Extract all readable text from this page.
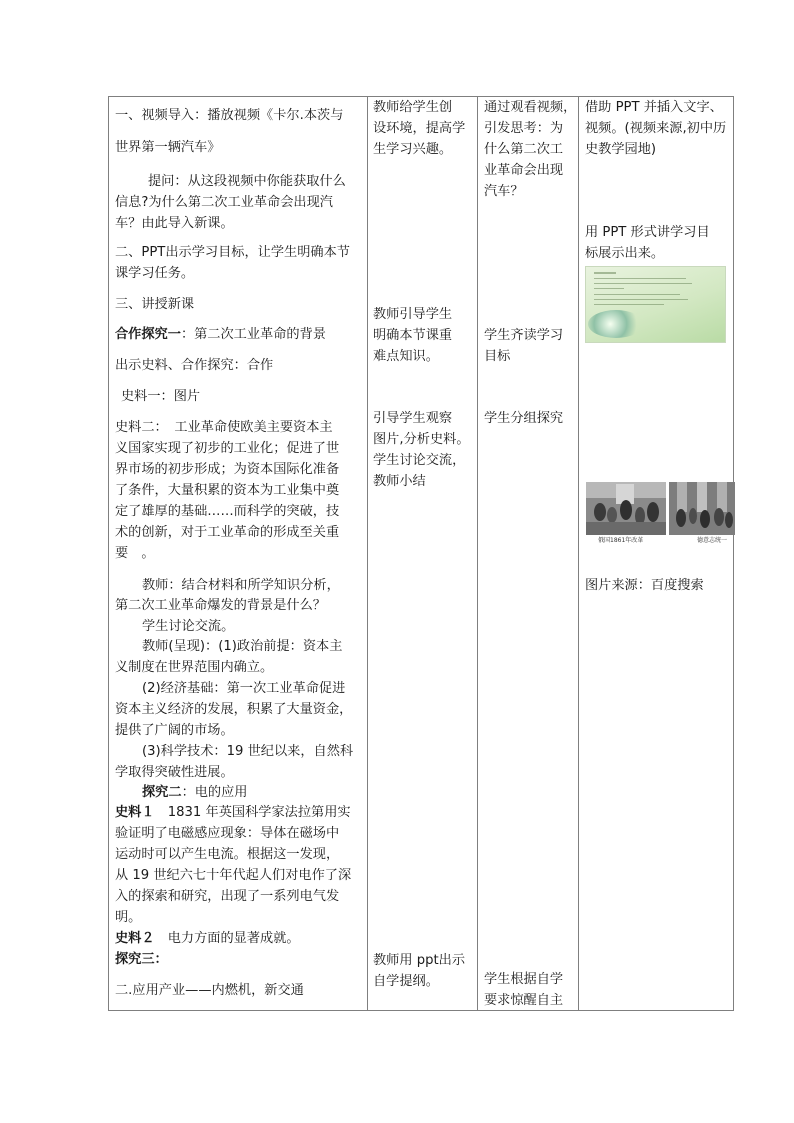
一、视频导入：播放视频《卡尔.本茨与
世界第一辆汽车》
提问：从这段视频中你能获取什么
信息?为什么第二次工业革命会出现汽
车？由此导入新课。
二、PPT出示学习目标，让学生明确本节
课学习任务。
三、讲授新课
合作探究一：第二次工业革命的背景
出示史料、合作探究：合作
史料一：图片
史料二：　工业革命使欧美主要资本主
义国家实现了初步的工业化；促进了世
界市场的初步形成；为资本国际化准备
了条件，大量积累的资本为工业集中奠
定了雄厚的基础……而科学的突破，技
术的创新，对于工业革命的形成至关重
要　。
教师：结合材料和所学知识分析，
第二次工业革命爆发的背景是什么？
学生讨论交流。
教师(呈现)：(1)政治前提：资本主
义制度在世界范围内确立。
(2)经济基础：第一次工业革命促进
资本主义经济的发展，积累了大量资金，
提供了广阔的市场。
(3)科学技术：19 世纪以来，自然科
学取得突破性进展。
探究二：电的应用
史料１　1831 年英国科学家法拉第用实
验证明了电磁感应现象：导体在磁场中
运动时可以产生电流。根据这一发现，
从 19 世纪六七十年代起人们对电作了深
入的探索和研究，出现了一系列电气发
明。
史料２　电力方面的显著成就。
探究三：
二.应用产业——内燃机，新交通
教师给学生创
设环境，提高学
生学习兴趣。
教师引导学生
明确本节课重
难点知识。
引导学生观察
图片,分析史料。
学生讨论交流，
教师小结
教师用 ppt出示
自学提纲。
通过观看视频，
引发思考：为
什么第二次工
业革命会出现
汽车？
学生齐读学习
目标
学生分组探究
学生根据自学
要求惊醒自主
借助 PPT 并插入文字、
视频。(视频来源,初中历
史教学园地)
用 PPT 形式讲学习目
标展示出来。
俄国1861年改革	德意志统一
图片来源：百度搜索
